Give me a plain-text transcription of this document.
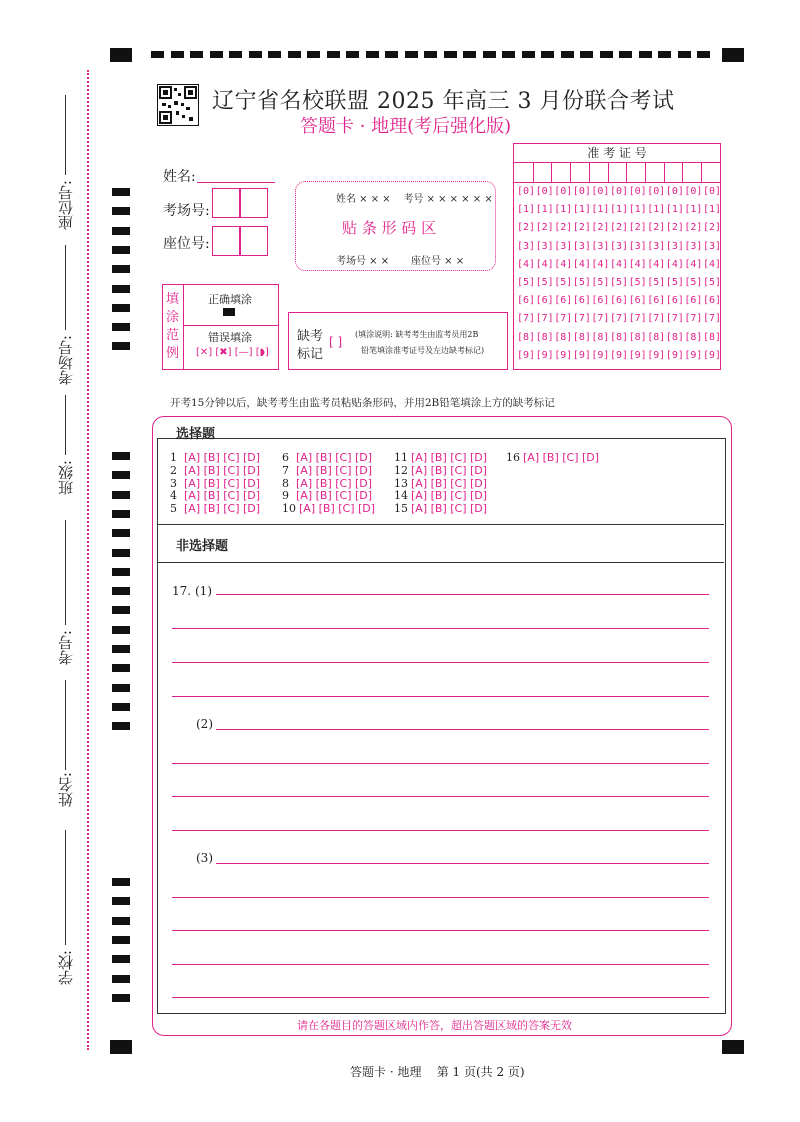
座位号:
考场号:
班级:
考号:
姓名:
学校:
辽宁省名校联盟 2025 年高三 3 月份联合考试
答题卡 · 地理(考后强化版)
姓名:
考场号:
座位号:
姓名 × × ×    考号 × × × × × ×
贴 条 形 码 区
考场号 × × 座位号 × ×
准 考 证 号
[0] [0] [0] [0] [0] [0] [0] [0] [0] [0] [0]
[1] [1] [1] [1] [1] [1] [1] [1] [1] [1] [1]
[2] [2] [2] [2] [2] [2] [2] [2] [2] [2] [2]
[3] [3] [3] [3] [3] [3] [3] [3] [3] [3] [3]
[4] [4] [4] [4] [4] [4] [4] [4] [4] [4] [4]
[5] [5] [5] [5] [5] [5] [5] [5] [5] [5] [5]
[6] [6] [6] [6] [6] [6] [6] [6] [6] [6] [6]
[7] [7] [7] [7] [7] [7] [7] [7] [7] [7] [7]
[8] [8] [8] [8] [8] [8] [8] [8] [8] [8] [8]
[9] [9] [9] [9] [9] [9] [9] [9] [9] [9] [9]
填涂范例
正确填涂
错误填涂
[✕] [✖] [—] [◗]
缺考
标记
[ ]
(填涂说明: 缺考考生由监考员用2B
铅笔填涂准考证号及左边缺考标记)
开考15分钟以后，缺考考生由监考员粘贴条形码，并用2B铅笔填涂上方的缺考标记
选择题
1 [A] [B] [C] [D]
2 [A] [B] [C] [D]
3 [A] [B] [C] [D]
4 [A] [B] [C] [D]
5 [A] [B] [C] [D]
6 [A] [B] [C] [D]
7 [A] [B] [C] [D]
8 [A] [B] [C] [D]
9 [A] [B] [C] [D]
10 [A] [B] [C] [D]
11 [A] [B] [C] [D]
12 [A] [B] [C] [D]
13 [A] [B] [C] [D]
14 [A] [B] [C] [D]
15 [A] [B] [C] [D]
16 [A] [B] [C] [D]
非选择题
17. (1)
(2)
(3)
请在各题目的答题区域内作答，超出答题区域的答案无效
答题卡 · 地理    第 1 页(共 2 页)
